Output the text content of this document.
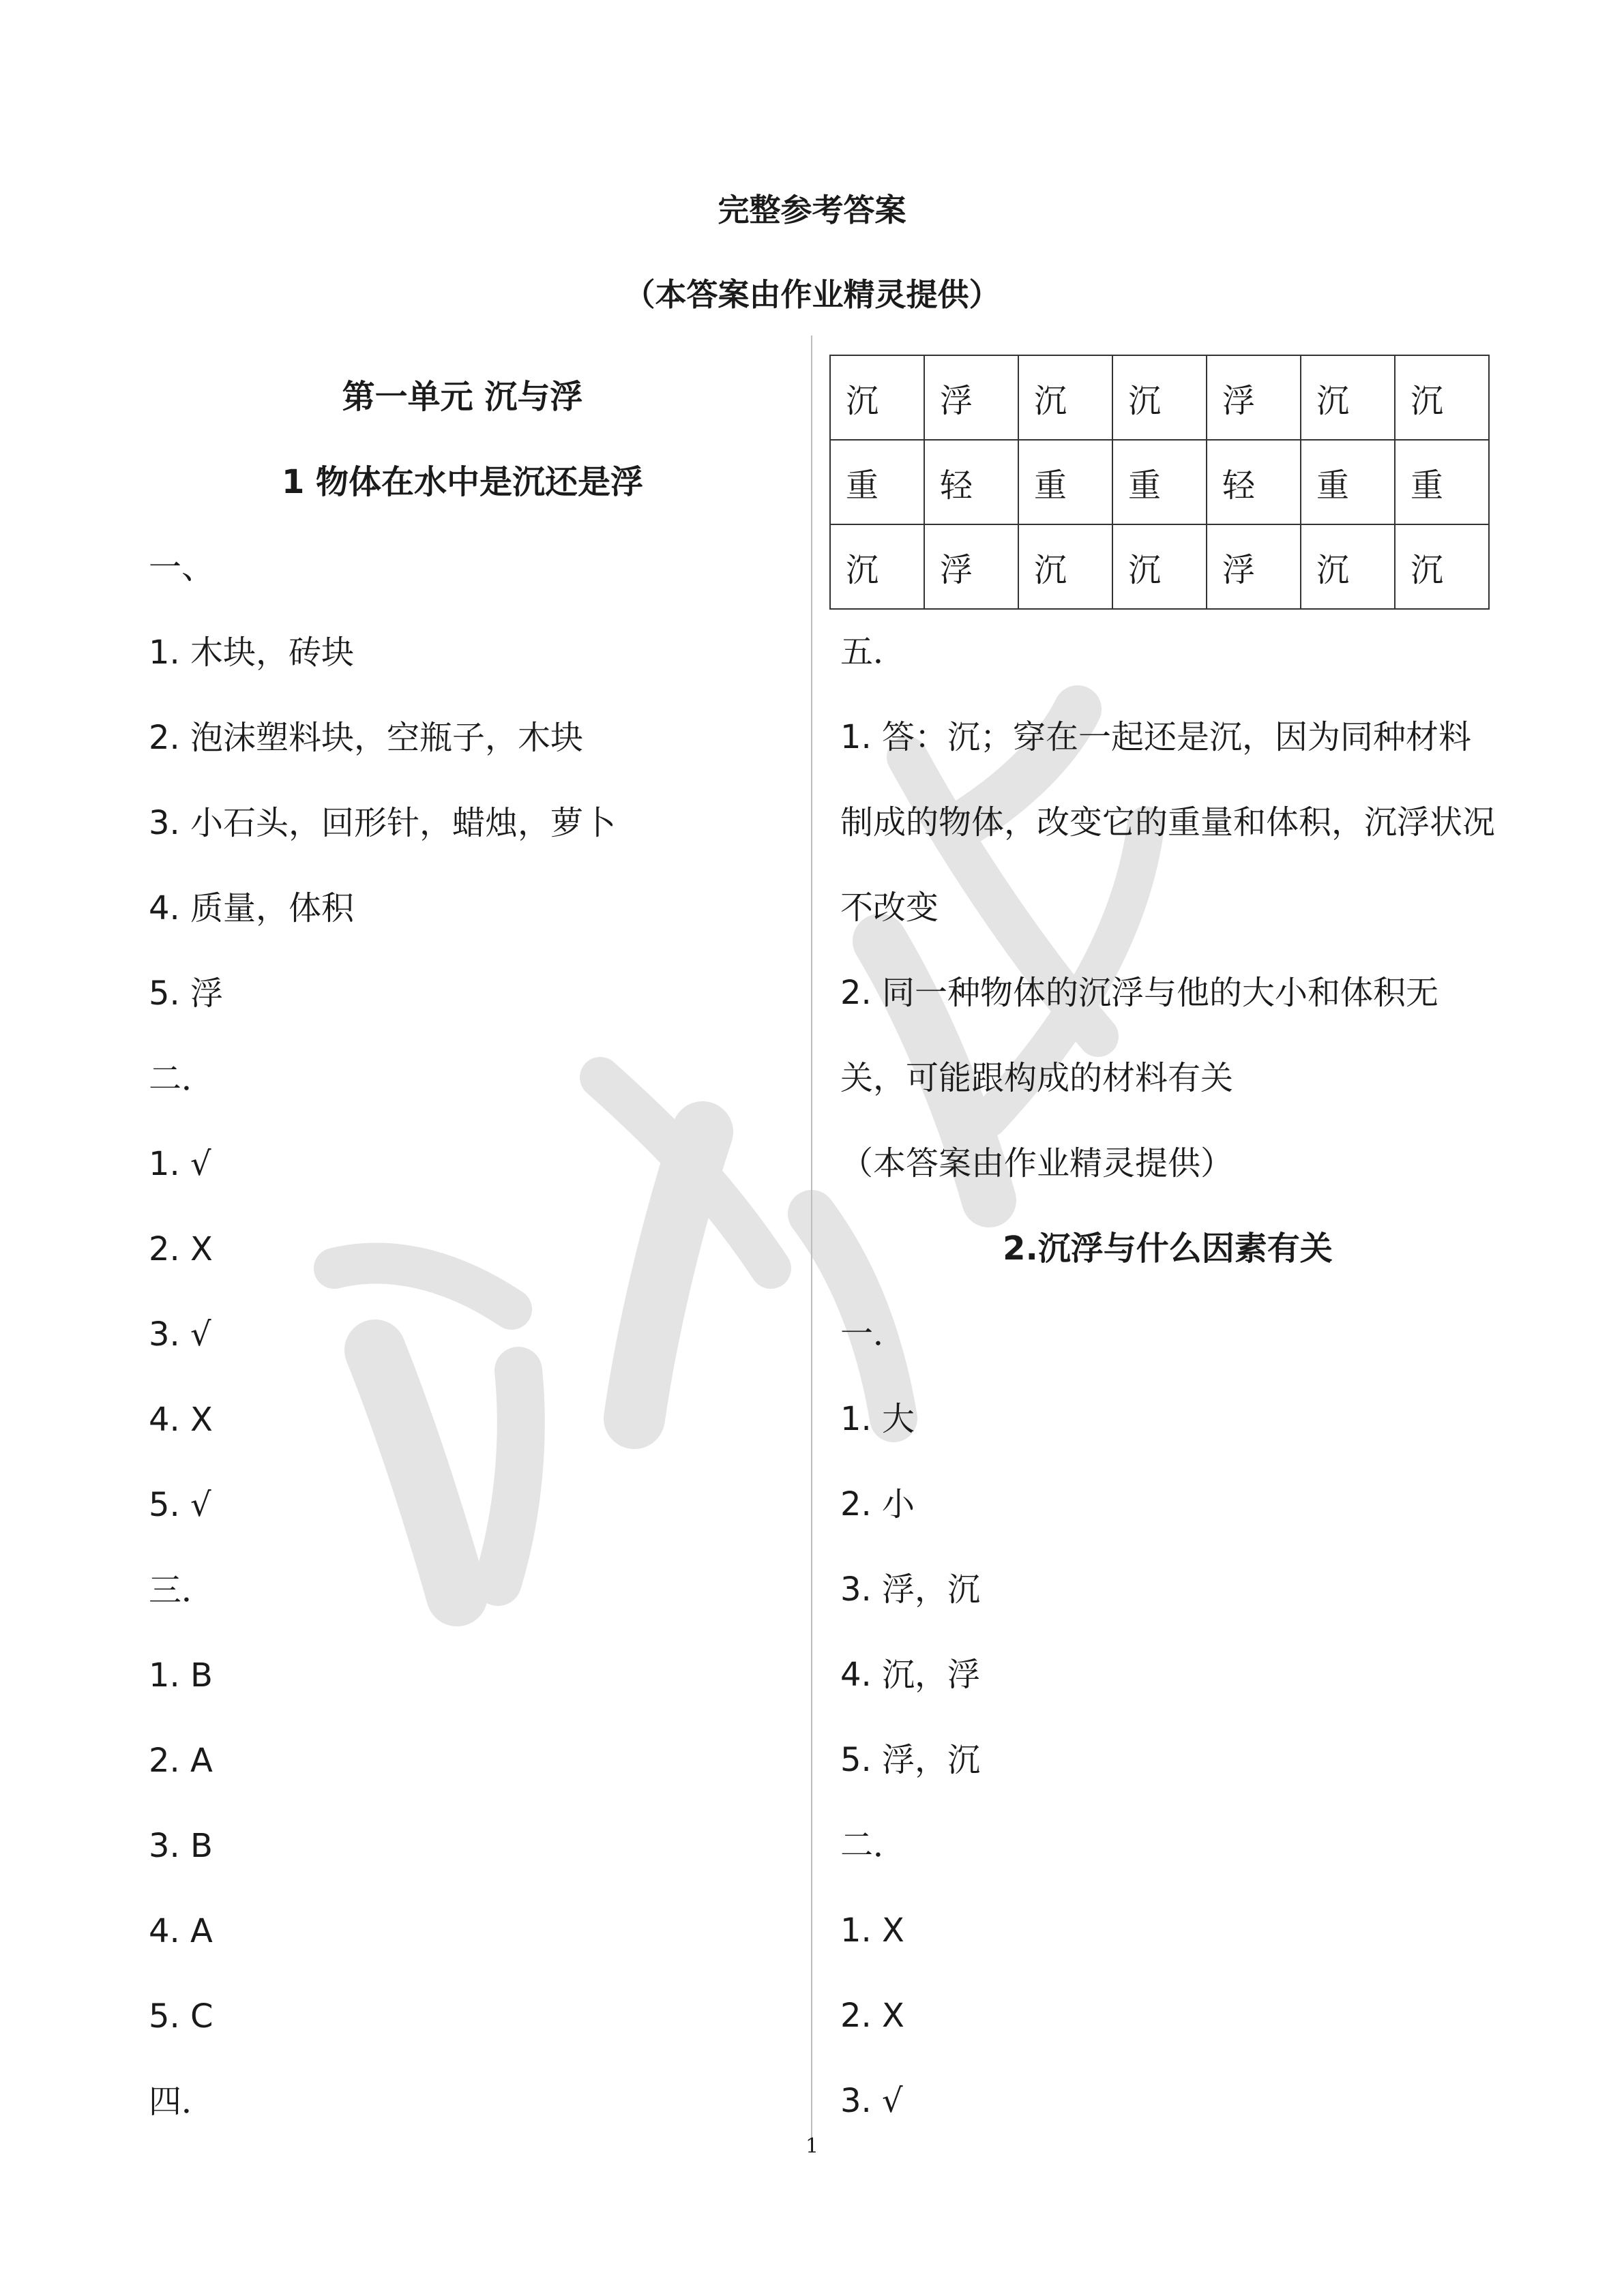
完整参考答案
（本答案由作业精灵提供）
第一单元 沉与浮
1 物体在水中是沉还是浮
一、
1. 木块，砖块
2. 泡沫塑料块，空瓶子，木块
3. 小石头，回形针，蜡烛，萝卜
4. 质量，体积
5. 浮
二．
1. √
2. X
3. √
4. X
5. √
三．
1. B
2. A
3. B
4. A
5. C
四．
沉	浮	沉	沉	浮	沉	沉
重	轻	重	重	轻	重	重
沉	浮	沉	沉	浮	沉	沉
五．
1. 答：沉；穿在一起还是沉，因为同种材料制成的物体，改变它的重量和体积，沉浮状况不改变
2. 同一种物体的沉浮与他的大小和体积无关，可能跟构成的材料有关
（本答案由作业精灵提供）
2.沉浮与什么因素有关
一．
1. 大
2. 小
3. 浮，沉
4. 沉，浮
5. 浮，沉
二．
1. X
2. X
3. √
1
